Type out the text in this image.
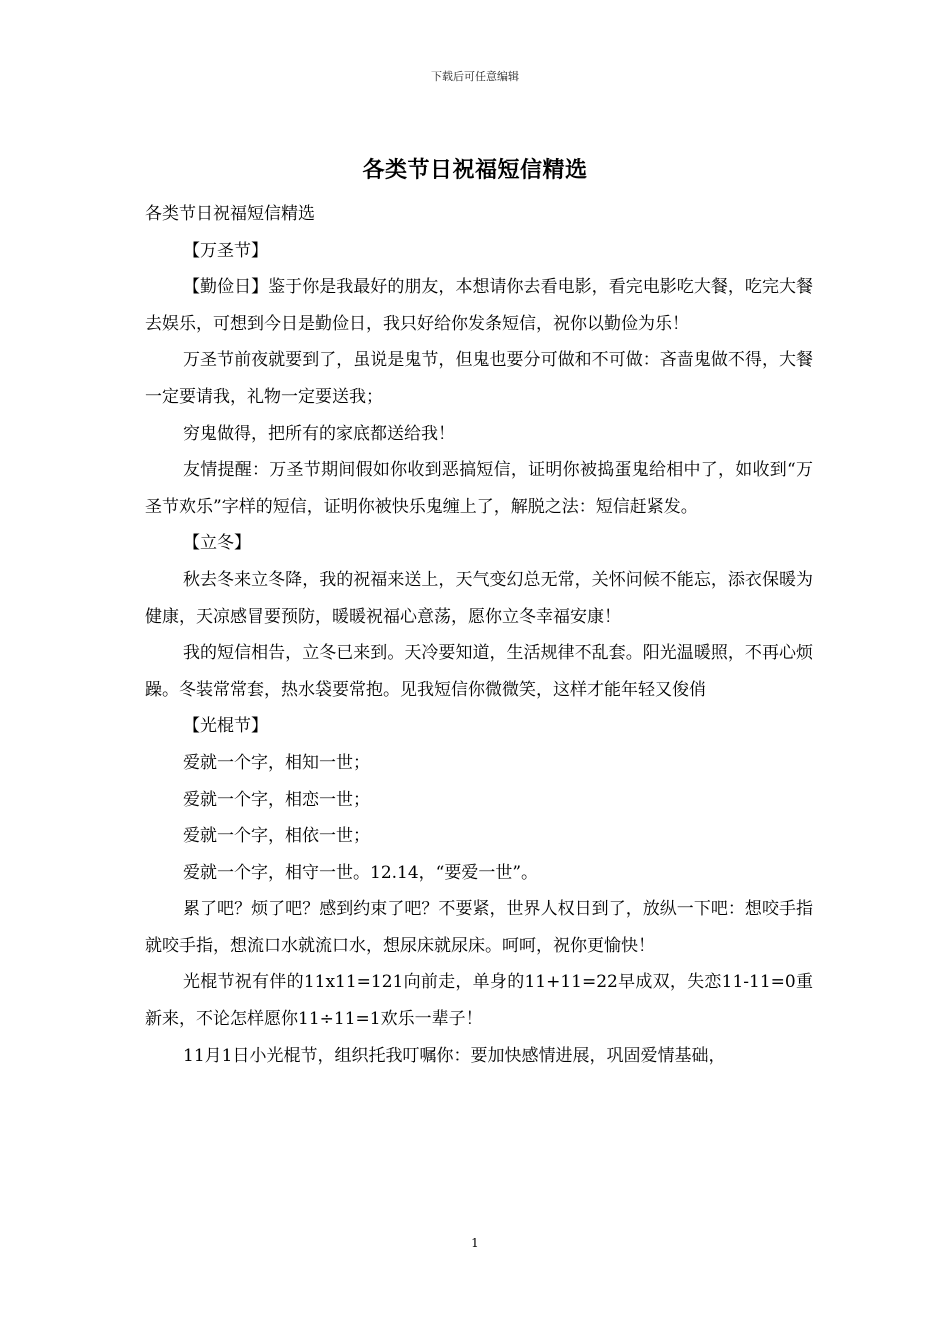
下载后可任意编辑
各类节日祝福短信精选

各类节日祝福短信精选

【万圣节】

【勤俭日】鉴于你是我最好的朋友，本想请你去看电影，看完电影吃大餐，吃完大餐去娱乐，可想到今日是勤俭日，我只好给你发条短信，祝你以勤俭为乐！

万圣节前夜就要到了，虽说是鬼节，但鬼也要分可做和不可做：吝啬鬼做不得，大餐一定要请我，礼物一定要送我；

穷鬼做得，把所有的家底都送给我！

友情提醒：万圣节期间假如你收到恶搞短信，证明你被捣蛋鬼给相中了，如收到“万圣节欢乐”字样的短信，证明你被快乐鬼缠上了，解脱之法：短信赶紧发。

【立冬】

秋去冬来立冬降，我的祝福来送上，天气变幻总无常，关怀问候不能忘，添衣保暖为健康，天凉感冒要预防，暖暖祝福心意荡，愿你立冬幸福安康！

我的短信相告，立冬已来到。天冷要知道，生活规律不乱套。阳光温暖照，不再心烦躁。冬装常常套，热水袋要常抱。见我短信你微微笑，这样才能年轻又俊俏

【光棍节】

爱就一个字，相知一世；

爱就一个字，相恋一世；

爱就一个字，相依一世；

爱就一个字，相守一世。12.14，“要爱一世”。

累了吧？烦了吧？感到约束了吧？不要紧，世界人权日到了，放纵一下吧：想咬手指就咬手指，想流口水就流口水，想尿床就尿床。呵呵，祝你更愉快！

光棍节祝有伴的11x11=121向前走，单身的11+11=22早成双，失恋11-11=0重新来，不论怎样愿你11÷11=1欢乐一辈子！

11月1日小光棍节，组织托我叮嘱你：要加快感情进展，巩固爱情基础，

1
